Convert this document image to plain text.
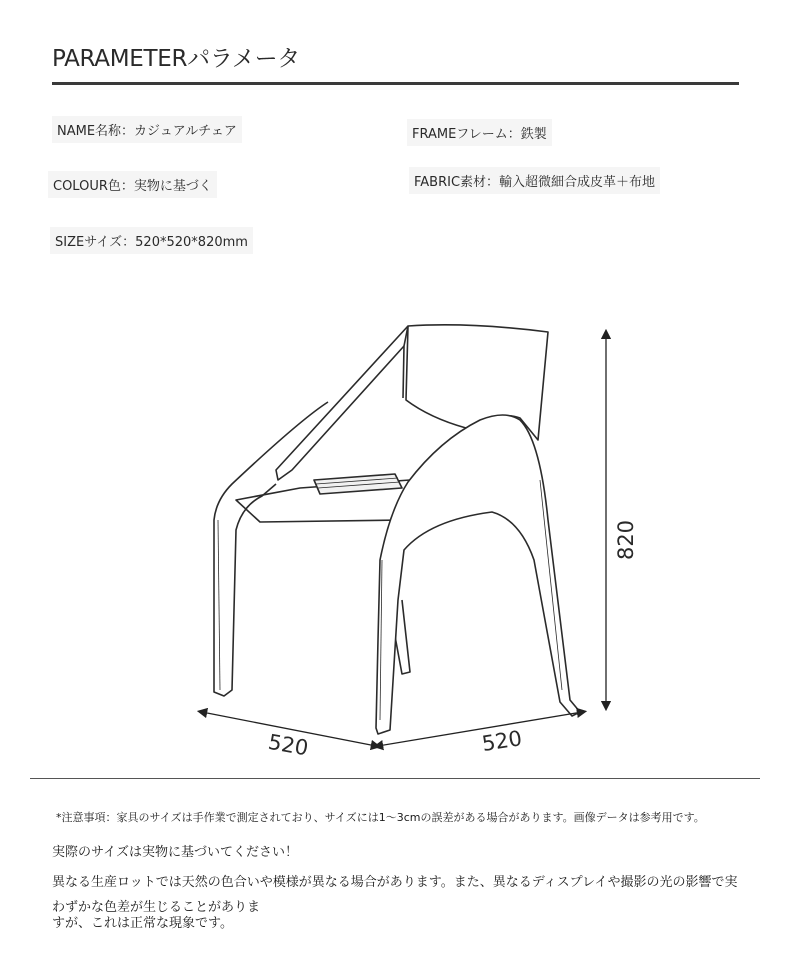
PARAMETERパラメータ
NAME名称：カジュアルチェア	FRAMEフレーム：鉄製
COLOUR色：実物に基づく	FABRIC素材：輸入超微細合成皮革＋布地
SIZEサイズ：520*520*820mm
820
520	520
*注意事項：家具のサイズは手作業で測定されており、サイズには1～3cmの誤差がある場合があります。画像データは参考用です。
実際のサイズは実物に基づいてください！
異なる生産ロットでは天然の色合いや模様が異なる場合があります。また、異なるディスプレイや撮影の光の影響で実
わずかな色差が生じることがありま
すが、これは正常な現象です。
